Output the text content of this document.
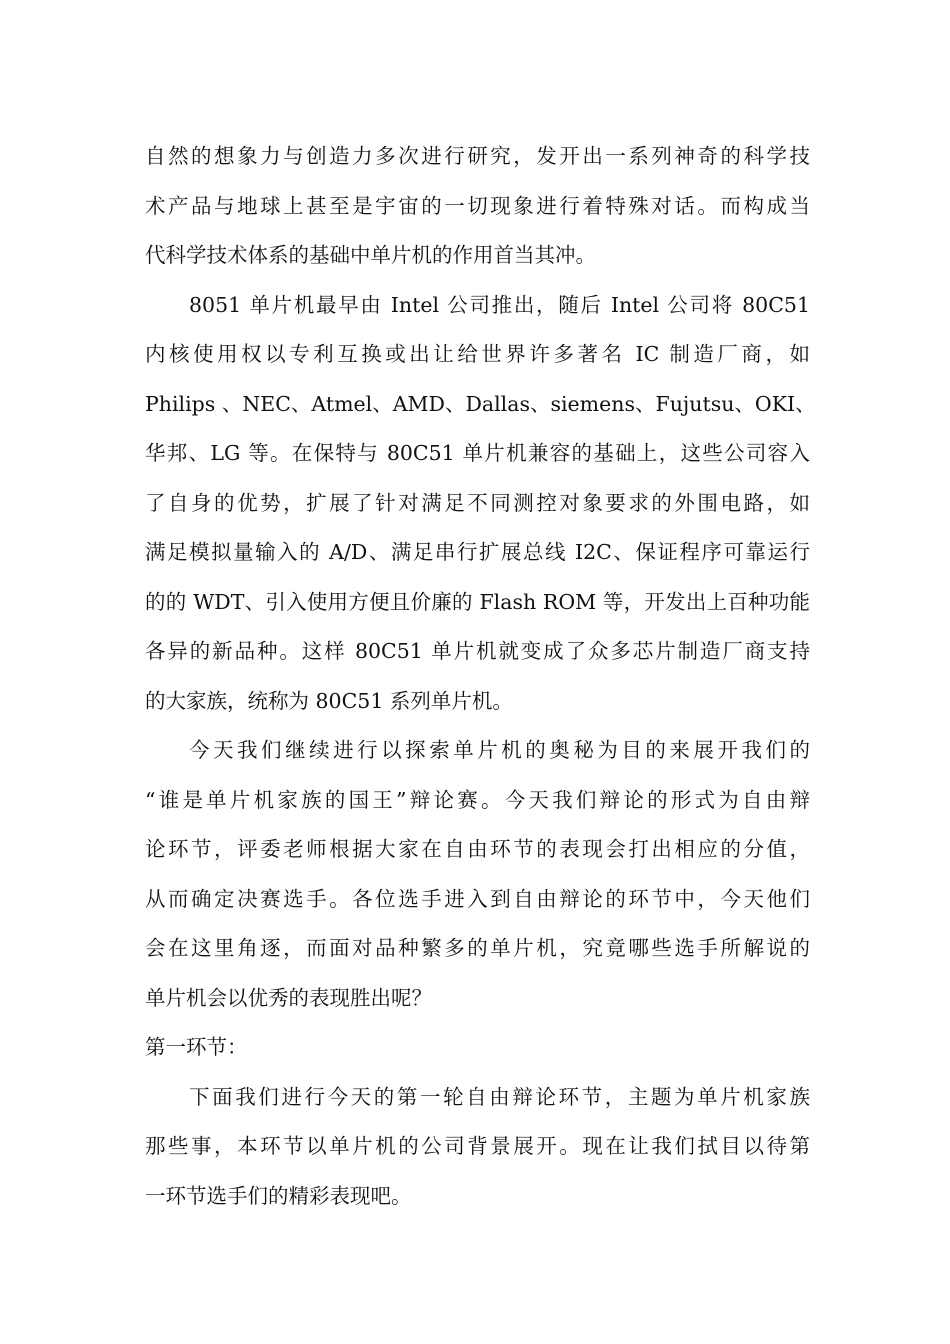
自然的想象力与创造力多次进行研究，发开出一系列神奇的科学技
术产品与地球上甚至是宇宙的一切现象进行着特殊对话。而构成当
代科学技术体系的基础中单片机的作用首当其冲。
8051 单片机最早由 Intel 公司推出，随后 Intel 公司将 80C51
内核使用权以专利互换或出让给世界许多著名 IC 制造厂商，如
Philips 、NEC、Atmel、AMD、Dallas、siemens、Fujutsu、OKI、
华邦、LG 等。在保特与 80C51 单片机兼容的基础上，这些公司容入
了自身的优势，扩展了针对满足不同测控对象要求的外围电路，如
满足模拟量输入的 A/D、满足串行扩展总线 I2C、保证程序可靠运行
的的 WDT、引入使用方便且价廉的 Flash ROM 等，开发出上百种功能
各异的新品种。这样 80C51 单片机就变成了众多芯片制造厂商支持
的大家族，统称为 80C51 系列单片机。
今天我们继续进行以探索单片机的奥秘为目的来展开我们的
“谁是单片机家族的国王”辩论赛。今天我们辩论的形式为自由辩
论环节，评委老师根据大家在自由环节的表现会打出相应的分值，
从而确定决赛选手。各位选手进入到自由辩论的环节中，今天他们
会在这里角逐，而面对品种繁多的单片机，究竟哪些选手所解说的
单片机会以优秀的表现胜出呢？
第一环节：
下面我们进行今天的第一轮自由辩论环节，主题为单片机家族
那些事，本环节以单片机的公司背景展开。现在让我们拭目以待第
一环节选手们的精彩表现吧。
